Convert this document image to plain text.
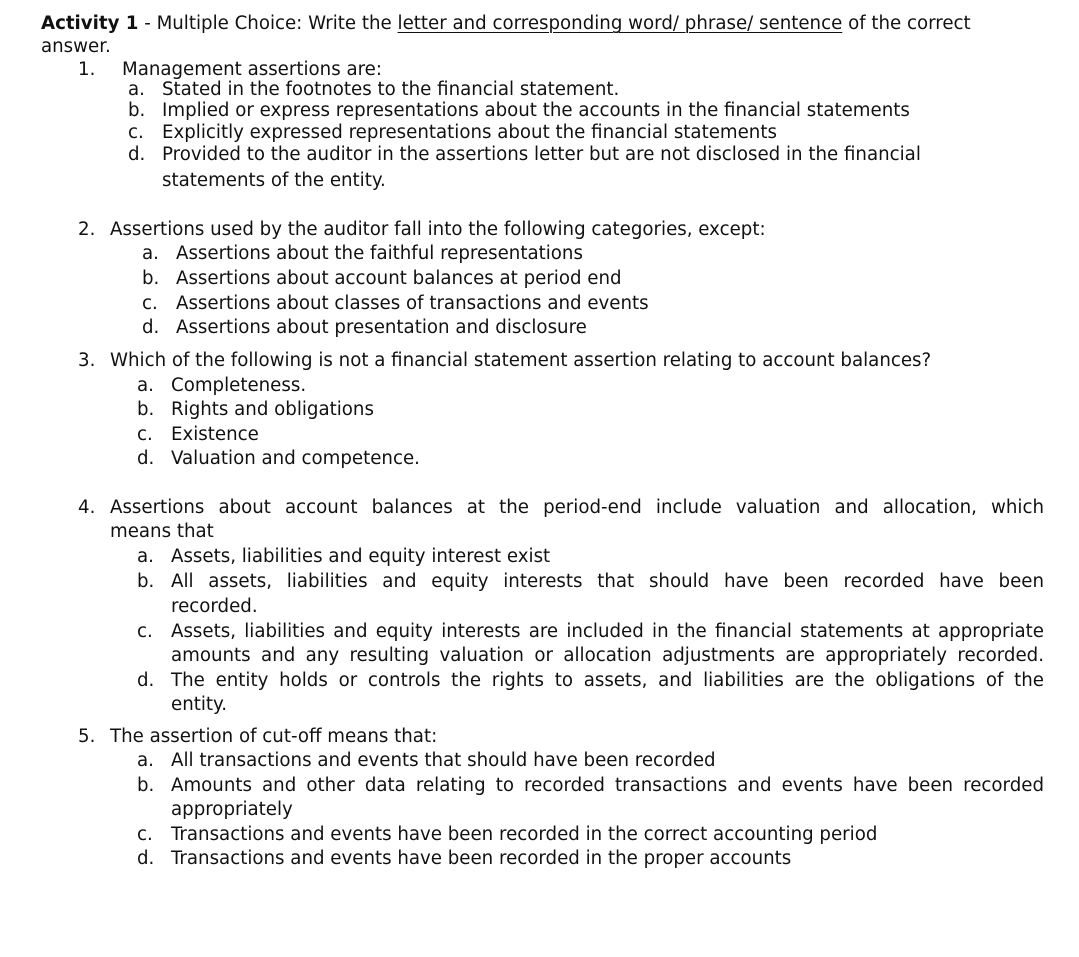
Activity 1 - Multiple Choice: Write the letter and corresponding word/ phrase/ sentence of the correct
answer.
1. Management assertions are:
a. Stated in the footnotes to the financial statement.
b. Implied or express representations about the accounts in the financial statements
c. Explicitly expressed representations about the financial statements
d. Provided to the auditor in the assertions letter but are not disclosed in the financial
statements of the entity.
2. Assertions used by the auditor fall into the following categories, except:
a. Assertions about the faithful representations
b. Assertions about account balances at period end
c. Assertions about classes of transactions and events
d. Assertions about presentation and disclosure
3. Which of the following is not a financial statement assertion relating to account balances?
a. Completeness.
b. Rights and obligations
c. Existence
d. Valuation and competence.
4. Assertions about account balances at the period-end include valuation and allocation, which
means that
a. Assets, liabilities and equity interest exist
b. All assets, liabilities and equity interests that should have been recorded have been
recorded.
c. Assets, liabilities and equity interests are included in the financial statements at appropriate
amounts and any resulting valuation or allocation adjustments are appropriately recorded.
d. The entity holds or controls the rights to assets, and liabilities are the obligations of the
entity.
5. The assertion of cut-off means that:
a. All transactions and events that should have been recorded
b. Amounts and other data relating to recorded transactions and events have been recorded
appropriately
c. Transactions and events have been recorded in the correct accounting period
d. Transactions and events have been recorded in the proper accounts
